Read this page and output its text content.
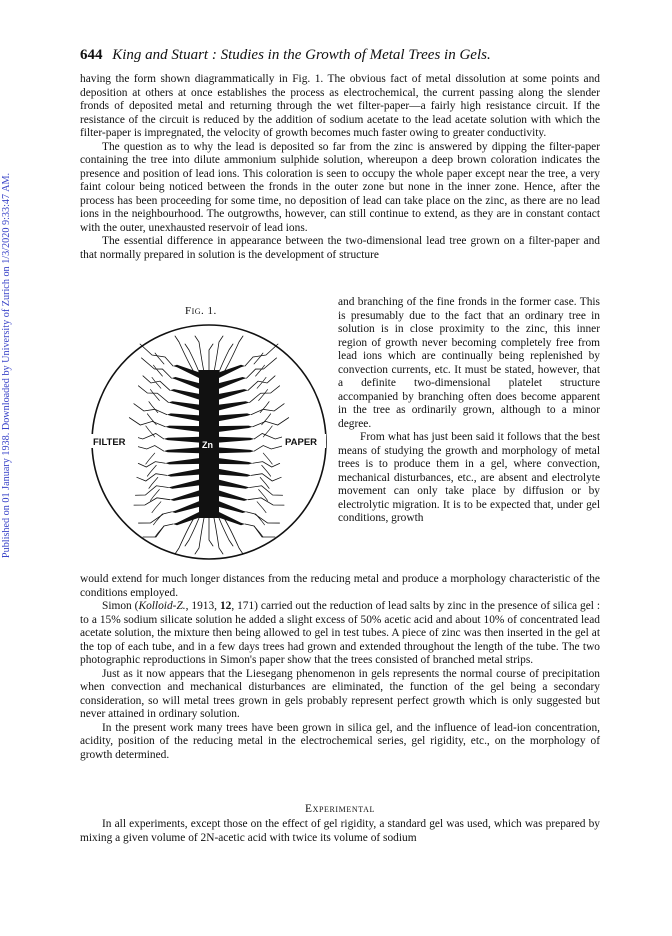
Published on 01 January 1938. Downloaded by University of Zurich on 1/3/2020 9:33:47 AM.
644 King and Stuart : Studies in the Growth of Metal Trees in Gels.

having the form shown diagrammatically in Fig. 1. The obvious fact of metal dissolution at some points and deposition at others at once establishes the process as electrochemical, the current passing along the slender fronds of deposited metal and returning through the wet filter-paper—a fairly high resistance circuit. If the resistance of the circuit is reduced by the addition of sodium acetate to the lead acetate solution with which the filter-paper is impregnated, the velocity of growth becomes much faster owing to greater conductivity.

The question as to why the lead is deposited so far from the zinc is answered by dipping the filter-paper containing the tree into dilute ammonium sulphide solution, whereupon a deep brown coloration indicates the presence and position of lead ions. This coloration is seen to occupy the whole paper except near the tree, a very faint colour being noticed between the fronds in the outer zone but none in the inner zone. Hence, after the process has been proceeding for some time, no deposition of lead can take place on the zinc, as there are no lead ions in the neighbourhood. The outgrowths, however, can still continue to extend, as they are in constant contact with the outer, unexhausted reservoir of lead ions.

The essential difference in appearance between the two-dimensional lead tree grown on a filter-paper and that normally prepared in solution is the development of structure

Fig. 1.
Zn
FILTER	PAPER

and branching of the fine fronds in the former case. This is presumably due to the fact that an ordinary tree in solution is in close proximity to the zinc, this inner region of growth never becoming completely free from lead ions which are continually being replenished by convection currents, etc. It must be stated, however, that a definite two-dimensional platelet structure accompanied by branching often does become apparent in the tree as ordinarily grown, although to a minor degree.

From what has just been said it follows that the best means of studying the growth and morphology of metal trees is to produce them in a gel, where convection, mechanical disturbances, etc., are absent and electrolyte movement can only take place by diffusion or by electrolytic migration. It is to be expected that, under gel conditions, growth

would extend for much longer distances from the reducing metal and produce a morphology characteristic of the conditions employed.

Simon (Kolloid-Z., 1913, 12, 171) carried out the reduction of lead salts by zinc in the presence of silica gel : to a 15% sodium silicate solution he added a slight excess of 50% acetic acid and about 10% of concentrated lead acetate solution, the mixture then being allowed to gel in test tubes. A piece of zinc was then inserted in the gel at the top of each tube, and in a few days trees had grown and extended throughout the length of the tube. The two photographic reproductions in Simon's paper show that the trees consisted of branched metal strips.

Just as it now appears that the Liesegang phenomenon in gels represents the normal course of precipitation when convection and mechanical disturbances are eliminated, the function of the gel being a secondary consideration, so will metal trees grown in gels probably represent perfect growth which is only suggested but never attained in ordinary solution.

In the present work many trees have been grown in silica gel, and the influence of lead-ion concentration, acidity, position of the reducing metal in the electrochemical series, gel rigidity, etc., on the morphology of growth determined.

Experimental

In all experiments, except those on the effect of gel rigidity, a standard gel was used, which was prepared by mixing a given volume of 2N-acetic acid with twice its volume of sodium
